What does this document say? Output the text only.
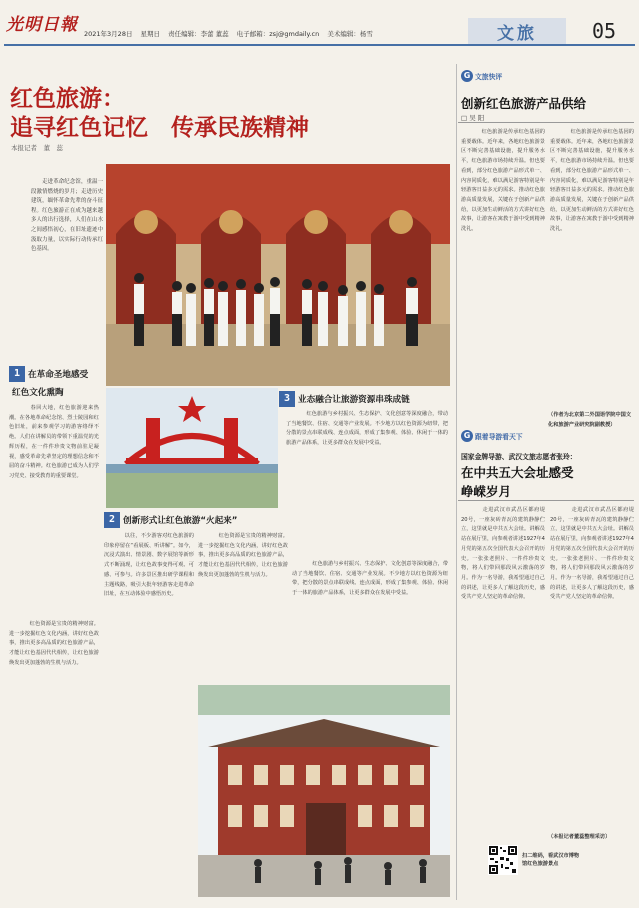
光明日報 2021年3月28日 星期日 责任编辑：李蕾 董蕊 电子邮箱：zsj@gmdaily.cn 美术编辑：杨雪	文旅	05
红色旅游：
追寻红色记忆　传承民族精神
本报记者　董　蕊
　　走进革命纪念馆，重温一段激情燃烧的岁月；走进历史建筑，缅怀革命先辈的奋斗征程。红色旅游正在成为越来越多人的出行选择，人们在山水之间感悟初心，在旧址遗迹中汲取力量，以实际行动传承红色基因。
1 在革命圣地感受
红色文化熏陶

　　春回大地，红色旅游迎来热潮。在各地革命纪念馆、烈士陵园和红色旧址，前来参观学习的游客络绎不绝。人们在讲解员的带领下重温党的光辉历程，在一件件珍贵文物前驻足凝视，感受革命先辈坚定的理想信念和不屈的奋斗精神。红色旅游已成为人们学习党史、接受教育的重要课堂。

3 业态融合让旅游资源串珠成链

　　红色旅游与乡村振兴、生态保护、文化创意等深度融合，带动了当地餐饮、住宿、交通等产业发展。不少地方以红色资源为纽带，把分散的景点串联成线、连点成面，形成了集参观、体验、休闲于一体的旅游产品体系，让更多群众在发展中受益。

2 创新形式让红色旅游“火起来”

　　以往，不少游客对红色旅游的印象停留在“看展板、听讲解”。如今，沉浸式演出、情景剧、数字展馆等新形式不断涌现，让红色故事变得可观、可感、可参与。许多景区推出研学课程和主题线路，吸引大批年轻游客走进革命旧址，在互动体验中感悟历史。

　　红色资源是宝贵的精神财富。进一步挖掘红色文化内涵，讲好红色故事，推出更多高品质的红色旅游产品，才能让红色基因代代相传，让红色旅游焕发出更加蓬勃的生机与活力。

　　红色旅游与乡村振兴、生态保护、文化创意等深度融合，带动了当地餐饮、住宿、交通等产业发展。不少地方以红色资源为纽带，把分散的景点串联成线、连点成面，形成了集参观、体验、休闲于一体的旅游产品体系，让更多群众在发展中受益。

　　红色资源是宝贵的精神财富。进一步挖掘红色文化内涵，讲好红色故事，推出更多高品质的红色旅游产品，才能让红色基因代代相传，让红色旅游焕发出更加蓬勃的生机与活力。

G 文旅快评
创新红色旅游产品供给
□ 吴 阳

　　红色旅游是传承红色基因的重要载体。近年来，各地红色旅游景区不断完善基础设施，提升服务水平，红色旅游市场持续升温。但也要看到，部分红色旅游产品形式单一、内容同质化，难以满足游客特别是年轻游客日益多元的需求。推动红色旅游高质量发展，关键在于创新产品供给，以更加生动鲜活的方式讲好红色故事，让游客在寓教于游中受到精神洗礼。

　　红色旅游是传承红色基因的重要载体。近年来，各地红色旅游景区不断完善基础设施，提升服务水平，红色旅游市场持续升温。但也要看到，部分红色旅游产品形式单一、内容同质化，难以满足游客特别是年轻游客日益多元的需求。推动红色旅游高质量发展，关键在于创新产品供给，以更加生动鲜活的方式讲好红色故事，让游客在寓教于游中受到精神洗礼。

（作者为北京第二外国语学院中国文化和旅游产业研究院副教授）
G 跟着导游看天下
国家金牌导游、武汉文旅志愿者张玲：
在中共五大会址感受
峥嵘岁月

　　走进武汉市武昌区都府堤20号，一座灰砖青瓦的建筑静静伫立，这里就是中共五大会址。讲解员站在展厅里，向参观者讲述1927年4月党的第五次全国代表大会召开的历史。一张张老照片、一件件珍贵文物，将人们带回那段风云激荡的岁月。作为一名导游，我希望通过自己的讲述，让更多人了解这段历史，感受共产党人坚定的革命信仰。

　　走进武汉市武昌区都府堤20号，一座灰砖青瓦的建筑静静伫立，这里就是中共五大会址。讲解员站在展厅里，向参观者讲述1927年4月党的第五次全国代表大会召开的历史。一张张老照片、一件件珍贵文物，将人们带回那段风云激荡的岁月。作为一名导游，我希望通过自己的讲述，让更多人了解这段历史，感受共产党人坚定的革命信仰。

扫二维码，看武汉市博物馆红色旅游景点
（本报记者董蕊整理采访）
